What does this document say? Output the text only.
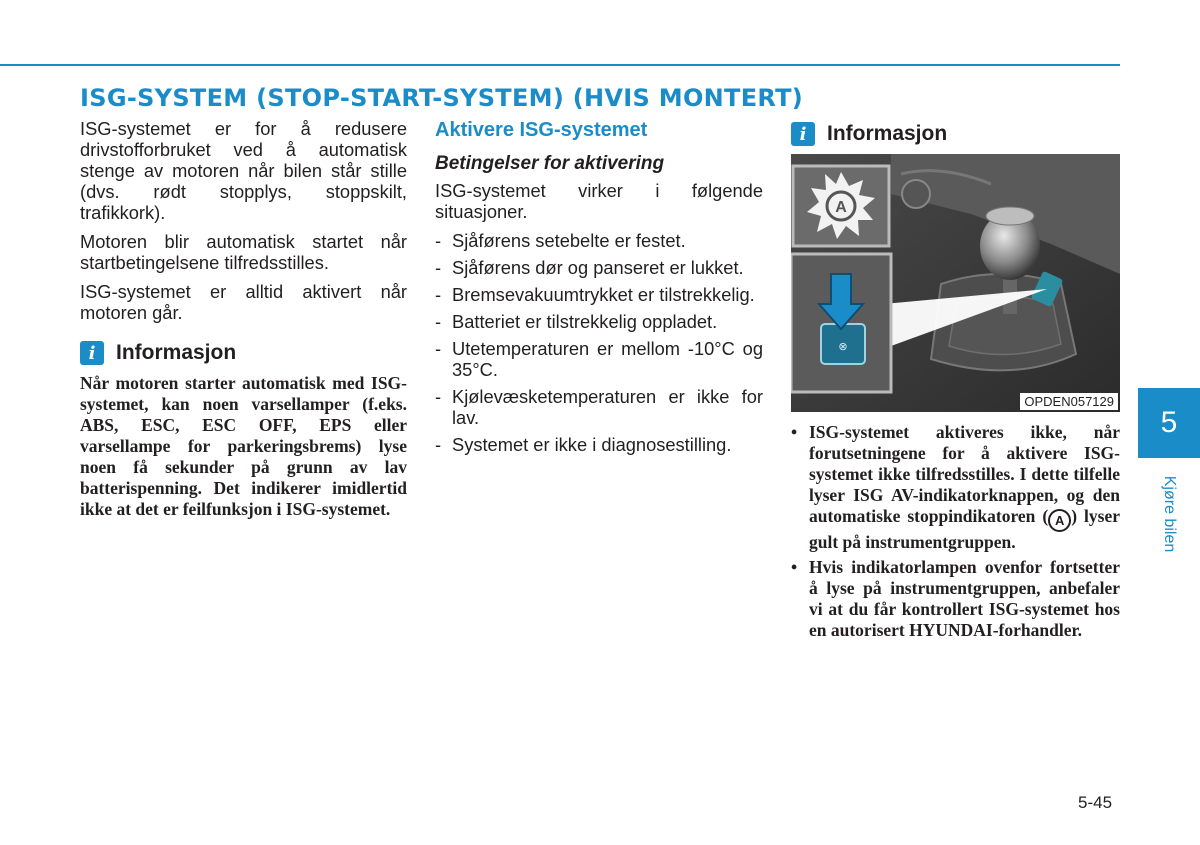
ISG-SYSTEM (STOP-START-SYSTEM) (HVIS MONTERT)

ISG-systemet er for å redusere drivstofforbruket ved å automatisk stenge av motoren når bilen står stille (dvs. rødt stopplys, stoppskilt, trafikkork).

Motoren blir automatisk startet når startbetingelsene tilfredsstilles.

ISG-systemet er alltid aktivert når motoren går.

i Informasjon

Når motoren starter automatisk med ISG-systemet, kan noen varsellamper (f.eks. ABS, ESC, ESC OFF, EPS eller varsellampe for parkeringsbrems) lyse noen få sekunder på grunn av lav batterispenning. Det indikerer imidlertid ikke at det er feilfunksjon i ISG-systemet.

Aktivere ISG-systemet
Betingelser for aktivering

ISG-systemet virker i følgende situasjoner.

- Sjåførens setebelte er festet.
- Sjåførens dør og panseret er lukket.
- Bremsevakuumtrykket er tilstrekkelig.
- Batteriet er tilstrekkelig oppladet.
- Utetemperaturen er mellom -10°C og 35°C.
- Kjølevæsketemperaturen er ikke for lav.
- Systemet er ikke i diagnosestilling.
i Informasjon
⊗
A
OPDEN057129
• ISG-systemet aktiveres ikke, når forutsetningene for å aktivere ISG-systemet ikke tilfredsstilles. I dette tilfelle lyser ISG AV-indikatorknappen, og den automatiske stoppindikatoren ( A ) lyser gult på instrumentgruppen.
• Hvis indikatorlampen ovenfor fortsetter å lyse på instrumentgruppen, anbefaler vi at du får kontrollert ISG-systemet hos en autorisert HYUNDAI-forhandler.
5
Kjøre bilen
5-45
